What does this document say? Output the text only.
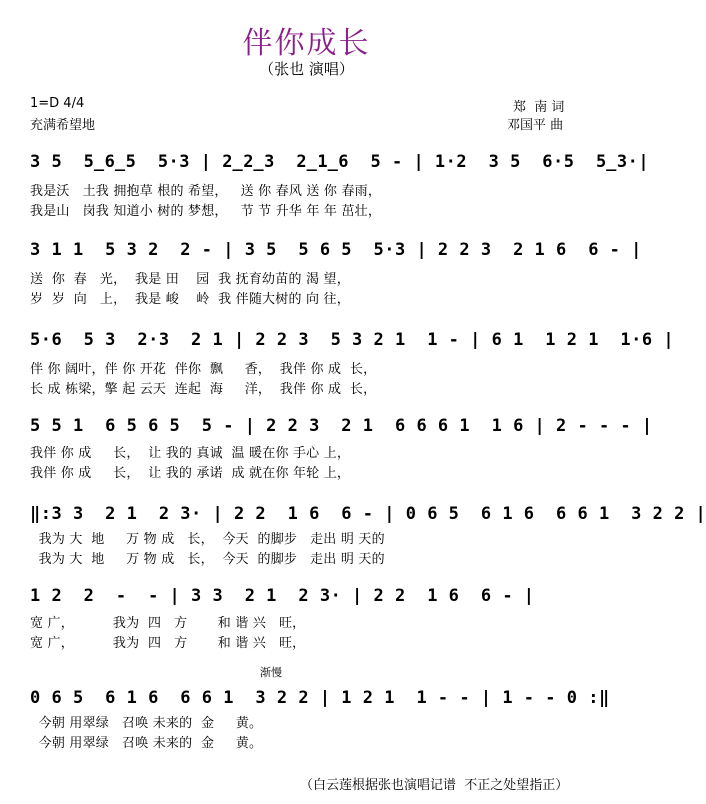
伴你成长
（张也 演唱）
1=D 4/4
充满希望地
郑  南 词
邓国平 曲
3 5  5̲6̲5  5·3 | 2̲2̲3  2̲1̲6  5 - | 1·2  3 5  6·5  5̲3·|
我是沃   土我 拥抱草 根的 希望，   送 你 春风 送 你 春雨，
我是山   岗我 知道小 树的 梦想，   节 节 升华 年 年 茁壮，
3 1 1  5 3 2  2 - | 3 5  5 6 5  5·3 | 2 2 3  2 1 6  6 - |
送  你  春   光，  我是 田    园  我 抚育幼苗的 渴 望，
岁  岁  向   上，  我是 峻    岭  我 伴随大树的 向 往，
5·6  5 3  2·3  2 1 | 2 2 3  5 3 2 1  1 - | 6 1  1 2 1  1·6 |
伴 你 阔叶，伴 你 开花  伴你  飘     香，  我伴 你 成  长，
长 成 栋梁，擎 起 云天  连起  海     洋，  我伴 你 成  长，
5 5 1  6 5 6 5  5 - | 2 2 3  2 1  6 6 6 1  1 6 | 2 - - - |
我伴 你 成     长，  让 我的 真诚  温 暖在你 手心 上，
我伴 你 成     长，  让 我的 承诺  成 就在你 年轮 上，
‖:3 3  2 1  2 3· | 2 2  1 6  6 - | 0 6 5  6 1 6  6 6 1  3 2 2 |
我为 大  地     万 物 成   长，  今天  的脚步   走出 明 天的
我为 大  地     万 物 成   长，  今天  的脚步   走出 明 天的
1 2  2  -  - | 3 3  2 1  2 3· | 2 2  1 6  6 - |
宽 广，         我为  四   方       和 谐 兴   旺，
宽 广，         我为  四   方       和 谐 兴   旺，
渐慢
0 6 5  6 1 6  6 6 1  3 2 2 | 1 2 1  1 - - | 1 - - 0 :‖
今朝 用翠绿   召唤 未来的  金     黄。
今朝 用翠绿   召唤 未来的  金     黄。
（白云莲根据张也演唱记谱  不正之处望指正）
